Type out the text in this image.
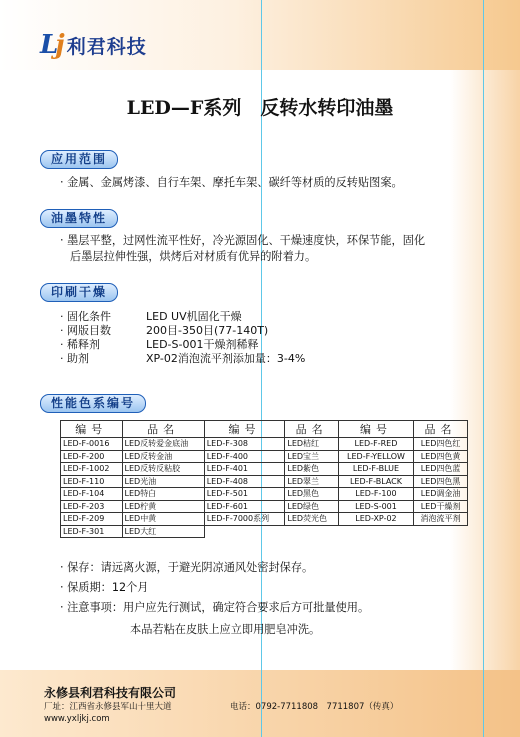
Lj 利君科技
LED—F系列　反转水转印油墨
应用范围
· 金属、金属烤漆、自行车架、摩托车架、碳纤等材质的反转贴图案。
油墨特性
· 墨层平整，过网性流平性好，冷光源固化、干燥速度快，环保节能，固化
后墨层拉伸性强，烘烤后对材质有优异的附着力。
印刷干燥
· 固化条件	LED UV机固化干燥
· 网版目数	200目-350目(77-140T)
· 稀释剂	LED-S-001干燥剂稀释
· 助剂	XP-02消泡流平剂添加量：3-4%
性能色系编号
编号	品名	编号	品名	编号	品名
LED-F-0016	LED反转爱金底油	LED-F-308	LED桔红	LED-F-RED	LED四色红
LED-F-200	LED反转金油	LED-F-400	LED宝兰	LED-F-YELLOW	LED四色黄
LED-F-1002	LED反转反粘胶	LED-F-401	LED紫色	LED-F-BLUE	LED四色蓝
LED-F-110	LED光油	LED-F-408	LED翠兰	LED-F-BLACK	LED四色黑
LED-F-104	LED特白	LED-F-501	LED黑色	LED-F-100	LED调金油
LED-F-203	LED柠黄	LED-F-601	LED绿色	LED-S-001	LED干燥剂
LED-F-209	LED中黄	LED-F-7000系列	LED荧光色	LED-XP-02	消泡流平剂
LED-F-301	LED大红				
· 保存：请远离火源，于避光阴凉通风处密封保存。
· 保质期：12个月
· 注意事项：用户应先行测试，确定符合要求后方可批量使用。
本品若粘在皮肤上应立即用肥皂冲洗。
永修县利君科技有限公司
厂址：江西省永修县军山十里大道	电话：0792-7711808　7711807（传真）
www.yxljkj.com
